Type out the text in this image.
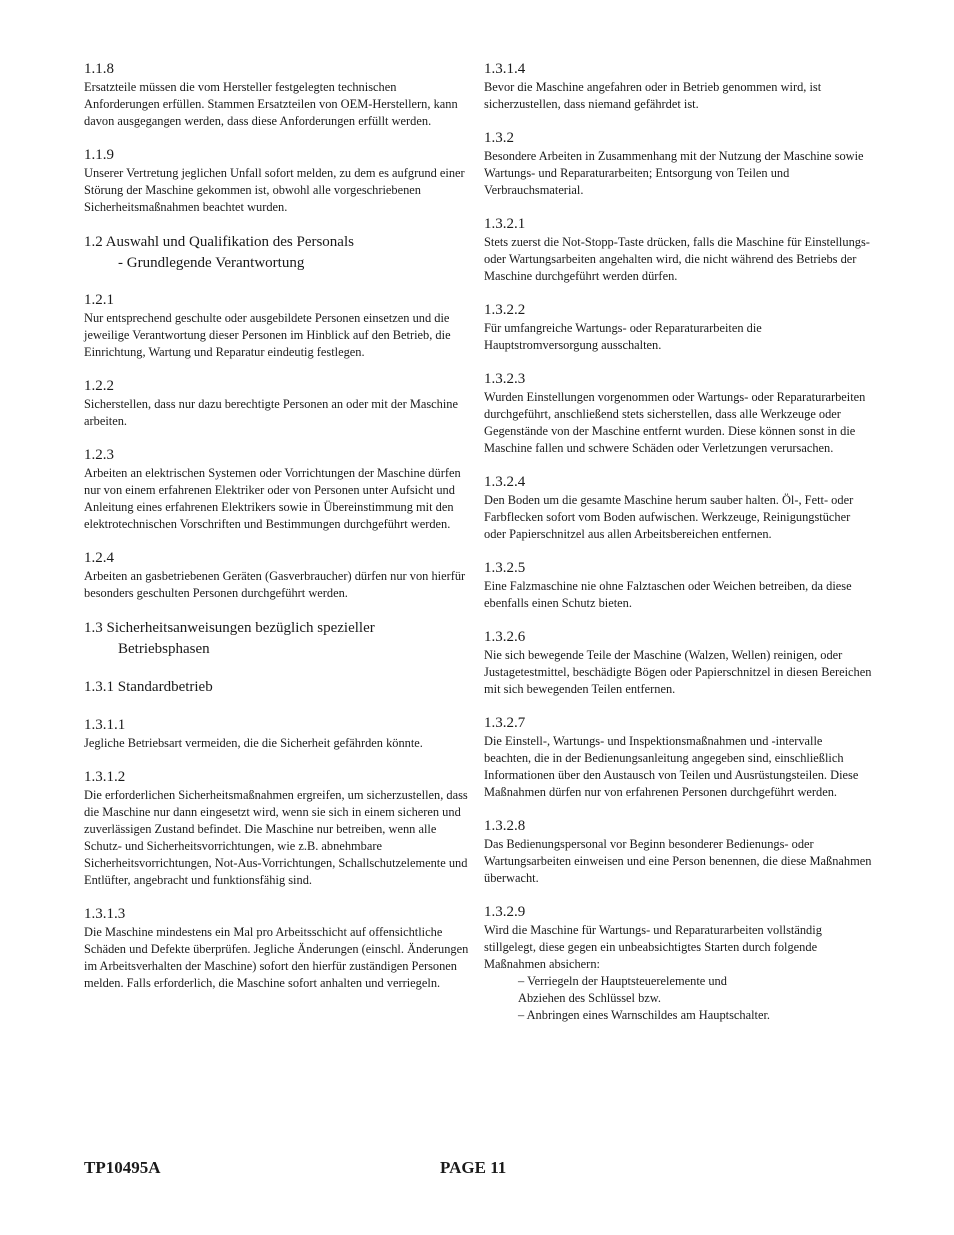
1.1.8

Ersatzteile müssen die vom Hersteller festgelegten technischen Anforderungen erfüllen. Stammen Ersatzteilen von OEM-Herstellern, kann davon ausgegangen werden, dass diese Anforderungen erfüllt werden.

1.1.9

Unserer Vertretung jeglichen Unfall sofort melden, zu dem es aufgrund einer Störung der Maschine gekommen ist, obwohl alle vorgeschriebenen Sicherheitsmaßnahmen beachtet wurden.

1.2 Auswahl und Qualifikation des Personals
- Grundlegende Verantwortung

1.2.1

Nur entsprechend geschulte oder ausgebildete Personen einsetzen und die jeweilige Verantwortung dieser Personen im Hinblick auf den Betrieb, die Einrichtung, Wartung und Reparatur eindeutig festlegen.

1.2.2

Sicherstellen, dass nur dazu berechtigte Personen an oder mit der Maschine arbeiten.

1.2.3

Arbeiten an elektrischen Systemen oder Vorrichtungen der Maschine dürfen nur von einem erfahrenen Elektriker oder von Personen unter Aufsicht und Anleitung eines erfahrenen Elektrikers sowie in Übereinstimmung mit den elektrotechnischen Vorschriften und Bestimmungen durchgeführt werden.

1.2.4

Arbeiten an gasbetriebenen Geräten (Gasverbraucher) dürfen nur von hierfür besonders geschulten Personen durchgeführt werden.

1.3 Sicherheitsanweisungen bezüglich spezieller
Betriebsphasen
1.3.1 Standardbetrieb

1.3.1.1

Jegliche Betriebsart vermeiden, die die Sicherheit gefährden könnte.

1.3.1.2

Die erforderlichen Sicherheitsmaßnahmen ergreifen, um sicherzustellen, dass die Maschine nur dann eingesetzt wird, wenn sie sich in einem sicheren und zuverlässigen Zustand befindet. Die Maschine nur betreiben, wenn alle Schutz- und Sicherheitsvorrichtungen, wie z.B. abnehmbare Sicherheitsvorrichtungen, Not-Aus-Vorrichtungen, Schallschutzelemente und Entlüfter, angebracht und funktionsfähig sind.

1.3.1.3

Die Maschine mindestens ein Mal pro Arbeitsschicht auf offensichtliche Schäden und Defekte überprüfen. Jegliche Änderungen (einschl. Änderungen im Arbeitsverhalten der Maschine) sofort den hierfür zuständigen Personen melden. Falls erforderlich, die Maschine sofort anhalten und verriegeln.

1.3.1.4

Bevor die Maschine angefahren oder in Betrieb genommen wird, ist sicherzustellen, dass niemand gefährdet ist.

1.3.2

Besondere Arbeiten in Zusammenhang mit der Nutzung der Maschine sowie Wartungs- und Reparaturarbeiten; Entsorgung von Teilen und Verbrauchsmaterial.

1.3.2.1

Stets zuerst die Not-Stopp-Taste drücken, falls die Maschine für Einstellungs- oder Wartungsarbeiten angehalten wird, die nicht während des Betriebs der Maschine durchgeführt werden dürfen.

1.3.2.2

Für umfangreiche Wartungs- oder Reparaturarbeiten die Hauptstromversorgung ausschalten.

1.3.2.3

Wurden Einstellungen vorgenommen oder Wartungs- oder Reparaturarbeiten durchgeführt, anschließend stets sicherstellen, dass alle Werkzeuge oder Gegenstände von der Maschine entfernt wurden. Diese können sonst in die Maschine fallen und schwere Schäden oder Verletzungen verursachen.

1.3.2.4

Den Boden um die gesamte Maschine herum sauber halten. Öl-, Fett- oder Farbflecken sofort vom Boden aufwischen. Werkzeuge, Reinigungstücher oder Papierschnitzel aus allen Arbeitsbereichen entfernen.

1.3.2.5

Eine Falzmaschine nie ohne Falztaschen oder Weichen betreiben, da diese ebenfalls einen Schutz bieten.

1.3.2.6

Nie sich bewegende Teile der Maschine (Walzen, Wellen) reinigen, oder Justagetestmittel, beschädigte Bögen oder Papierschnitzel in diesen Bereichen mit sich bewegenden Teilen entfernen.

1.3.2.7

Die Einstell-, Wartungs- und Inspektionsmaßnahmen und -intervalle beachten, die in der Bedienungsanleitung angegeben sind, einschließlich Informationen über den Austausch von Teilen und Ausrüstungsteilen. Diese Maßnahmen dürfen nur von erfahrenen Personen durchgeführt werden.

1.3.2.8

Das Bedienungspersonal vor Beginn besonderer Bedienungs- oder Wartungsarbeiten einweisen und eine Person benennen, die diese Maßnahmen überwacht.

1.3.2.9

Wird die Maschine für Wartungs- und Reparaturarbeiten vollständig stillgelegt, diese gegen ein unbeabsichtigtes Starten durch folgende Maßnahmen absichern:

– Verriegeln der Hauptsteuerelemente und
Abziehen des Schlüssel bzw.
– Anbringen eines Warnschildes am Hauptschalter.
TP10495A	PAGE 11
